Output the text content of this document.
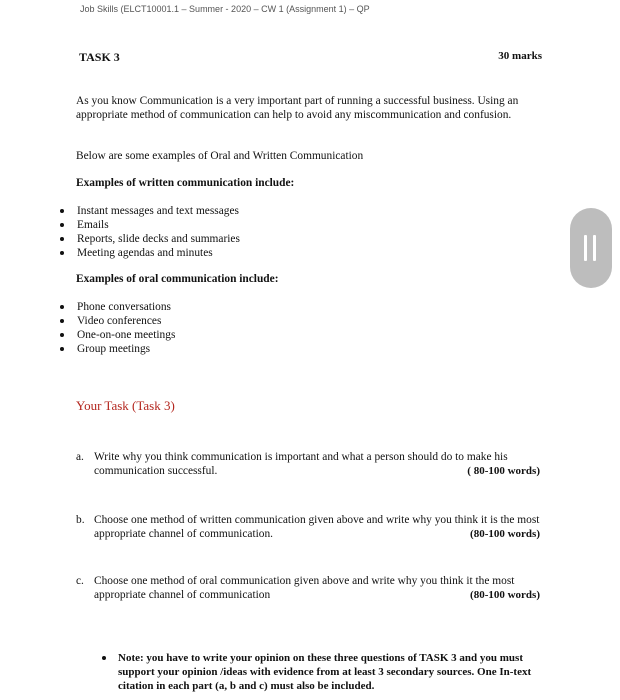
Job Skills (ELCT10001.1 – Summer - 2020 – CW 1 (Assignment 1) – QP
TASK 3	30 marks
As you know Communication is a very important part of running a successful business. Using an appropriate method of communication can help to avoid any miscommunication and confusion.
Below are some examples of Oral and Written Communication
Examples of written communication include:
Instant messages and text messages
Emails
Reports, slide decks and summaries
Meeting agendas and minutes
Examples of oral communication include:
Phone conversations
Video conferences
One-on-one meetings
Group meetings
Your Task (Task 3)
a. Write why you think communication is important and what a person should do to make his communication successful.	( 80-100 words)
b. Choose one method of written communication given above and write why you think it is the most appropriate channel of communication.	(80-100 words)
c. Choose one method of oral communication given above and write why you think it the most appropriate channel of communication	(80-100 words)
Note: you have to write your opinion on these three questions of TASK 3 and you must support your opinion /ideas with evidence from at least 3 secondary sources. One In-text citation in each part (a, b and c) must also be included.
